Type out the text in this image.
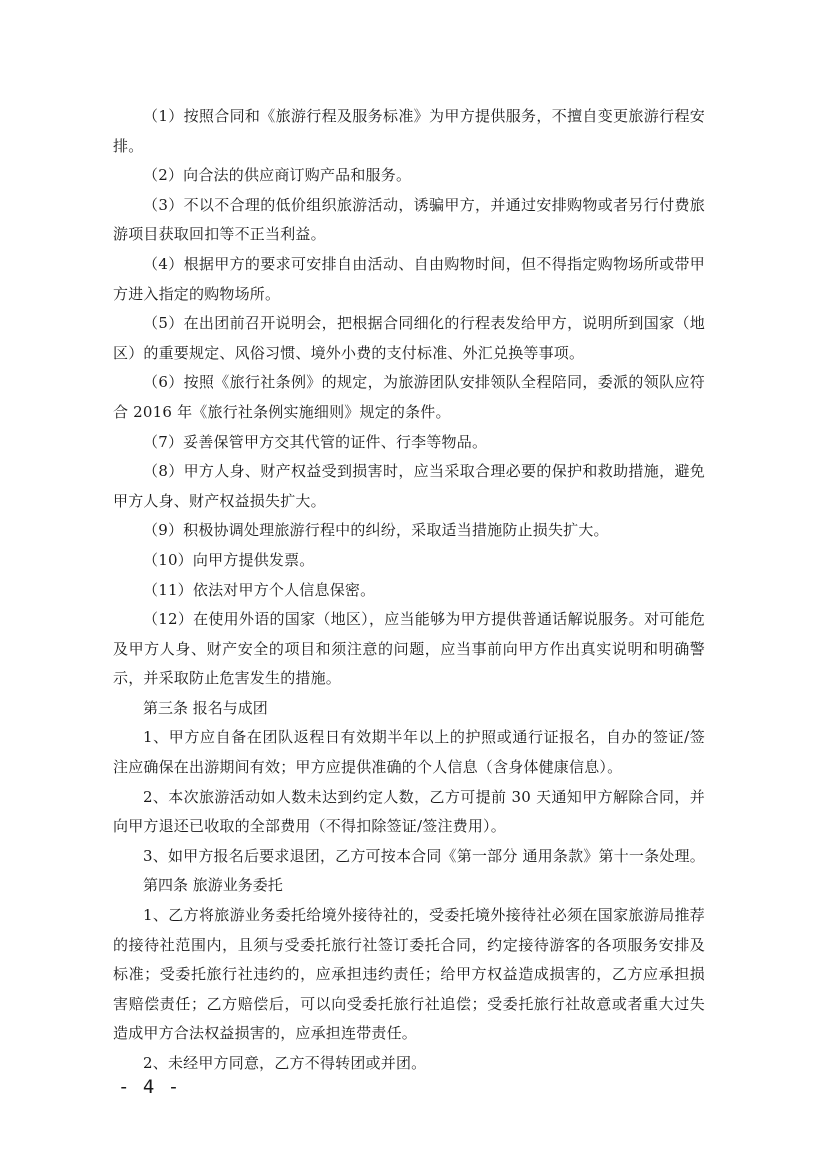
（1）按照合同和《旅游行程及服务标准》为甲方提供服务，不擅自变更旅游行程安排。

（2）向合法的供应商订购产品和服务。

（3）不以不合理的低价组织旅游活动，诱骗甲方，并通过安排购物或者另行付费旅游项目获取回扣等不正当利益。

（4）根据甲方的要求可安排自由活动、自由购物时间，但不得指定购物场所或带甲方进入指定的购物场所。

（5）在出团前召开说明会，把根据合同细化的行程表发给甲方，说明所到国家（地区）的重要规定、风俗习惯、境外小费的支付标准、外汇兑换等事项。

（6）按照《旅行社条例》的规定，为旅游团队安排领队全程陪同，委派的领队应符合 2016 年《旅行社条例实施细则》规定的条件。

（7）妥善保管甲方交其代管的证件、行李等物品。

（8）甲方人身、财产权益受到损害时，应当采取合理必要的保护和救助措施，避免甲方人身、财产权益损失扩大。

（9）积极协调处理旅游行程中的纠纷，采取适当措施防止损失扩大。

（10）向甲方提供发票。

（11）依法对甲方个人信息保密。

（12）在使用外语的国家（地区），应当能够为甲方提供普通话解说服务。对可能危及甲方人身、财产安全的项目和须注意的问题，应当事前向甲方作出真实说明和明确警示，并采取防止危害发生的措施。

第三条 报名与成团

1、甲方应自备在团队返程日有效期半年以上的护照或通行证报名，自办的签证/签注应确保在出游期间有效；甲方应提供准确的个人信息（含身体健康信息）。

2、本次旅游活动如人数未达到约定人数，乙方可提前 30 天通知甲方解除合同，并向甲方退还已收取的全部费用（不得扣除签证/签注费用）。

3、如甲方报名后要求退团，乙方可按本合同《第一部分 通用条款》第十一条处理。

第四条 旅游业务委托

1、乙方将旅游业务委托给境外接待社的，受委托境外接待社必须在国家旅游局推荐的接待社范围内，且须与受委托旅行社签订委托合同，约定接待游客的各项服务安排及标准；受委托旅行社违约的，应承担违约责任；给甲方权益造成损害的，乙方应承担损害赔偿责任；乙方赔偿后，可以向受委托旅行社追偿；受委托旅行社故意或者重大过失造成甲方合法权益损害的，应承担连带责任。

2、未经甲方同意，乙方不得转团或并团。

- 4 -
